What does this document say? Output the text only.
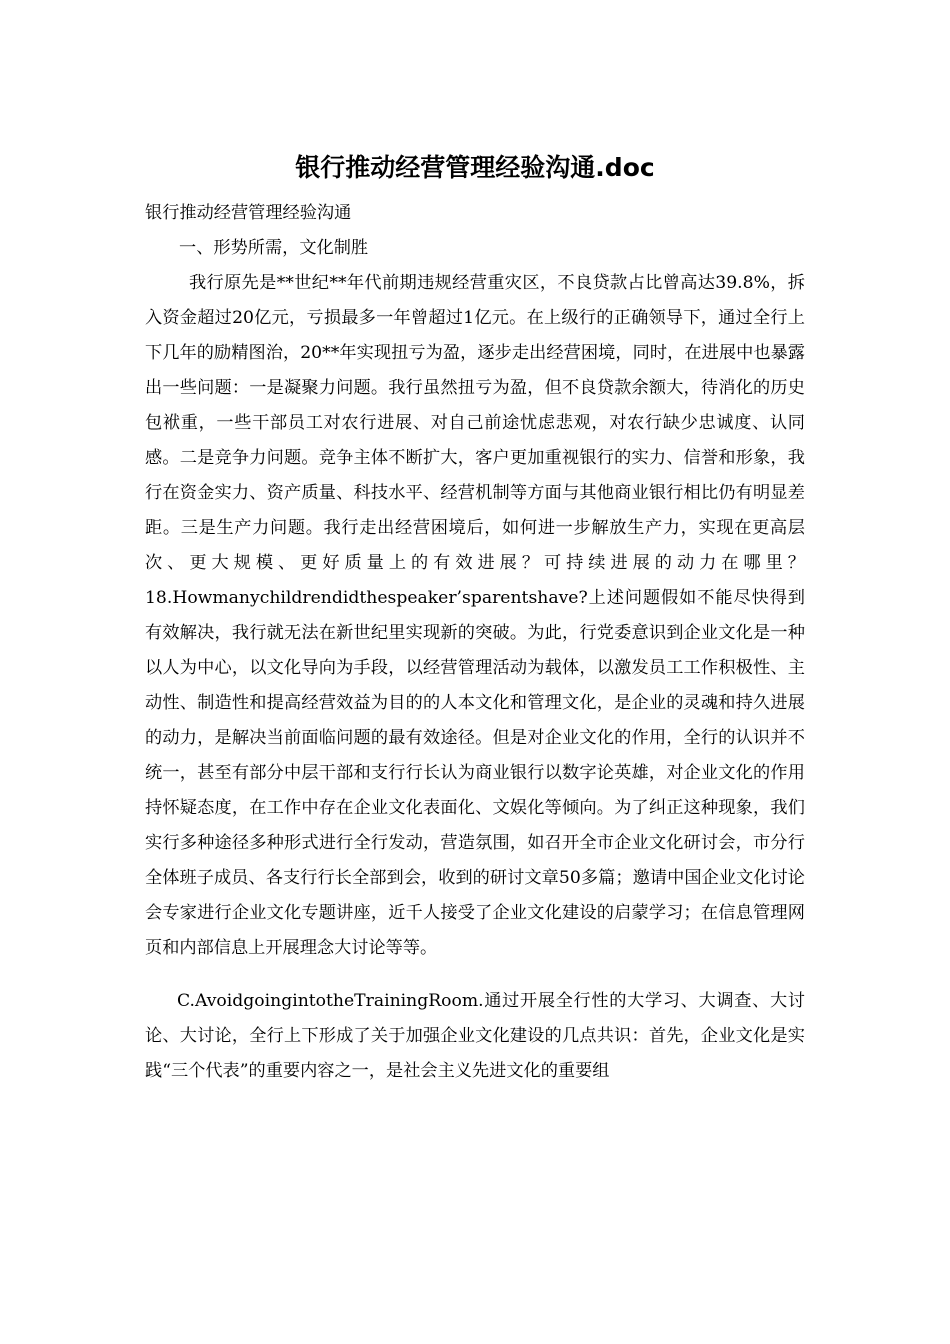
银行推动经营管理经验沟通.doc

银行推动经营管理经验沟通

一、形势所需，文化制胜

我行原先是**世纪**年代前期违规经营重灾区，不良贷款占比曾高达39.8%，拆入资金超过20亿元，亏损最多一年曾超过1亿元。在上级行的正确领导下，通过全行上下几年的励精图治，20**年实现扭亏为盈，逐步走出经营困境，同时，在进展中也暴露出一些问题：一是凝聚力问题。我行虽然扭亏为盈，但不良贷款余额大，待消化的历史包袱重，一些干部员工对农行进展、对自己前途忧虑悲观，对农行缺少忠诚度、认同感。二是竞争力问题。竞争主体不断扩大，客户更加重视银行的实力、信誉和形象，我行在资金实力、资产质量、科技水平、经营机制等方面与其他商业银行相比仍有明显差距。三是生产力问题。我行走出经营困境后，如何进一步解放生产力，实现在更高层次、更大规模、更好质量上的有效进展？可持续进展的动力在哪里？18.Howmanychildrendidthespeaker’sparentshave?上述问题假如不能尽快得到有效解决，我行就无法在新世纪里实现新的突破。为此，行党委意识到企业文化是一种以人为中心，以文化导向为手段，以经营管理活动为载体，以激发员工工作积极性、主动性、制造性和提高经营效益为目的的人本文化和管理文化，是企业的灵魂和持久进展的动力，是解决当前面临问题的最有效途径。但是对企业文化的作用，全行的认识并不统一，甚至有部分中层干部和支行行长认为商业银行以数字论英雄，对企业文化的作用持怀疑态度，在工作中存在企业文化表面化、文娱化等倾向。为了纠正这种现象，我们实行多种途径多种形式进行全行发动，营造氛围，如召开全市企业文化研讨会，市分行全体班子成员、各支行行长全部到会，收到的研讨文章50多篇；邀请中国企业文化讨论会专家进行企业文化专题讲座，近千人接受了企业文化建设的启蒙学习；在信息管理网页和内部信息上开展理念大讨论等等。

C.AvoidgoingintotheTrainingRoom.通过开展全行性的大学习、大调查、大讨论、大讨论，全行上下形成了关于加强企业文化建设的几点共识：首先，企业文化是实践“三个代表”的重要内容之一，是社会主义先进文化的重要组
